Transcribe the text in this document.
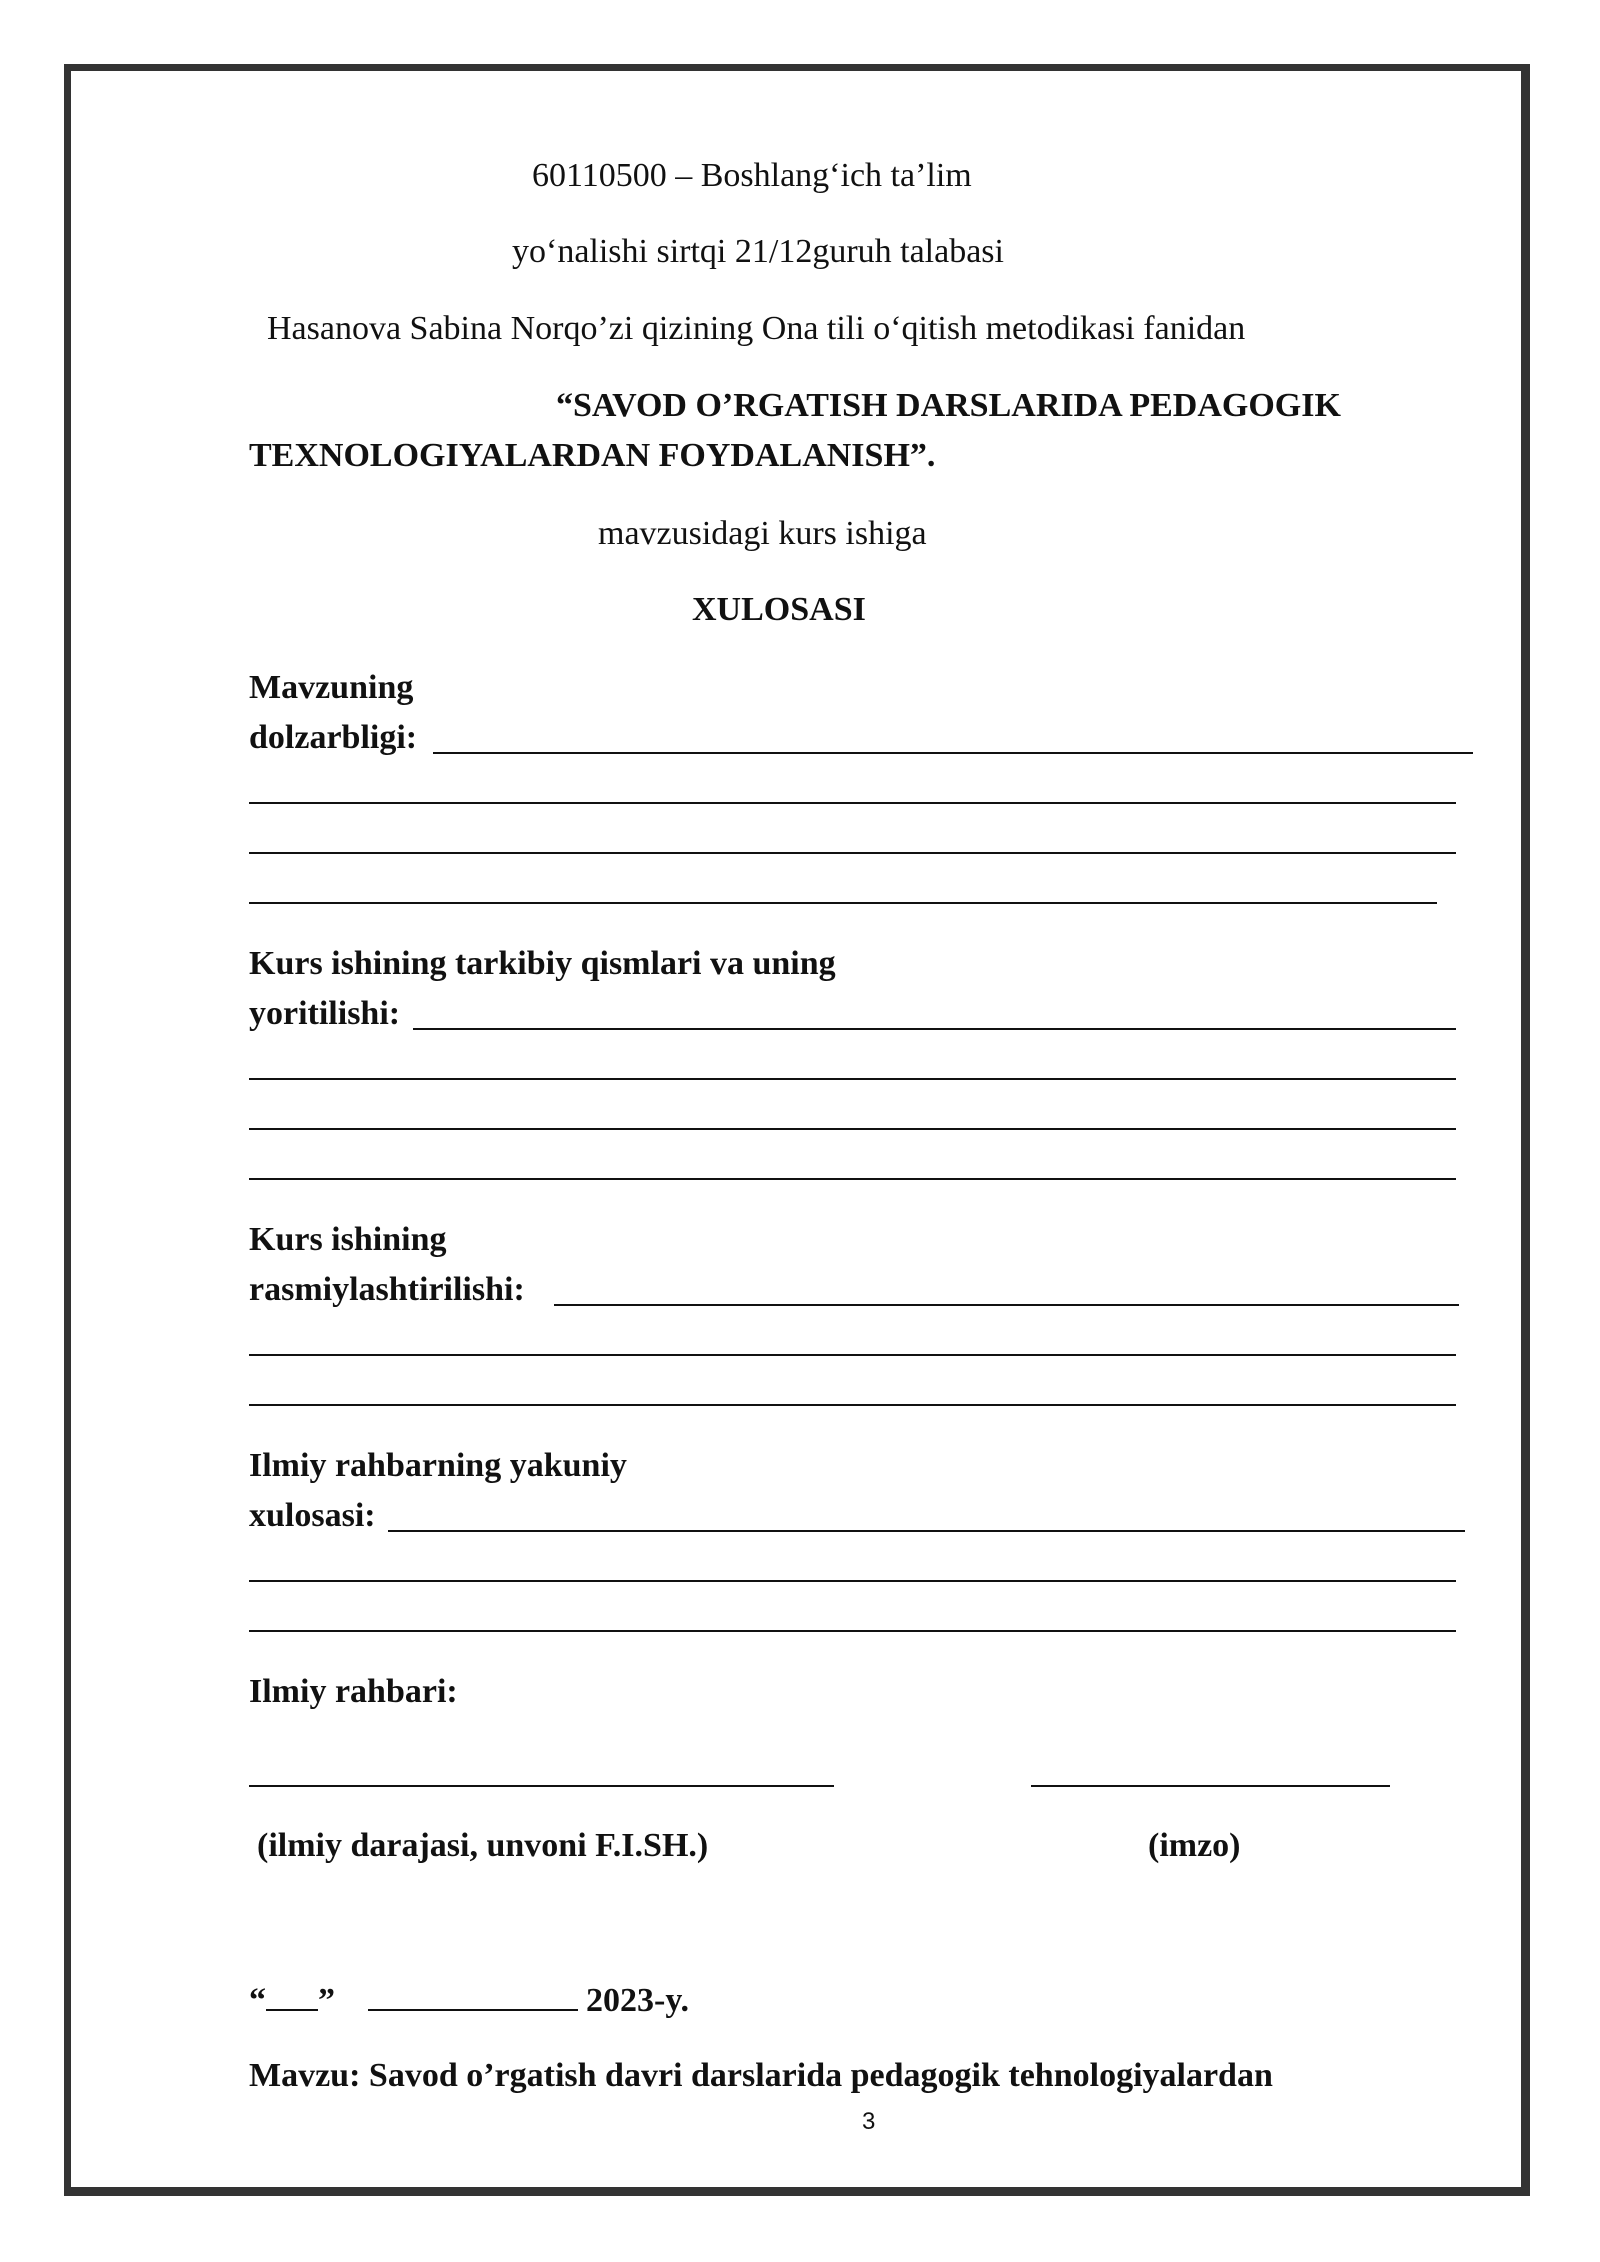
60110500 – Boshlang‘ich ta’lim
yo‘nalishi sirtqi 21/12guruh talabasi
Hasanova Sabina Norqo’zi qizining Ona tili o‘qitish metodikasi fanidan
“SAVOD O’RGATISH DARSLARIDA PEDAGOGIK
TEXNOLOGIYALARDAN FOYDALANISH”.
mavzusidagi kurs ishiga
XULOSASI
Mavzuning
dolzarbligi:
Kurs ishining tarkibiy qismlari va uning
yoritilishi:
Kurs ishining
rasmiylashtirilishi:
Ilmiy rahbarning yakuniy
xulosasi:
Ilmiy rahbari:
(ilmiy darajasi, unvoni F.I.SH.)	(imzo)
“ ”	2023-y.
Mavzu: Savod o’rgatish davri darslarida pedagogik tehnologiyalardan
3
